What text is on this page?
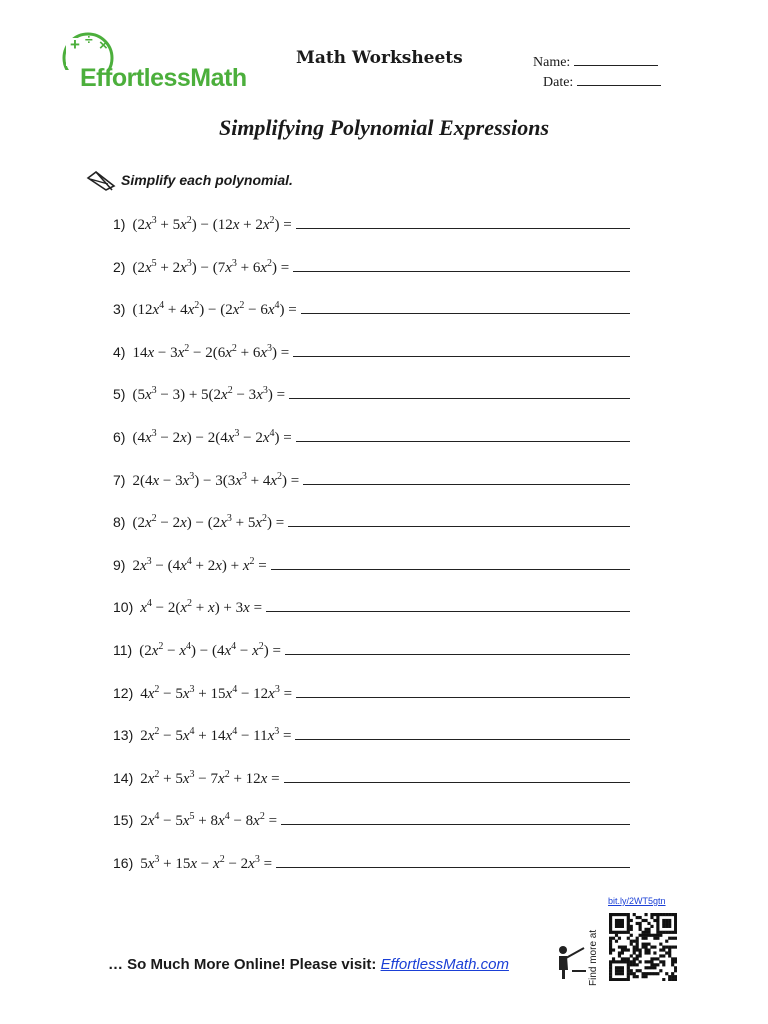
+ ÷ ×
EffortlessMath
Math Worksheets	Name:
Date:
Simplifying Polynomial Expressions
Simplify each polynomial.
1) $(2x^3 + 5x^2) - (12x + 2x^2)$ =
2) $(2x^5 + 2x^3) - (7x^3 + 6x^2)$ =
3) $(12x^4 + 4x^2) - (2x^2 - 6x^4)$ =
4) $14x - 3x^2 - 2(6x^2 + 6x^3)$ =
5) $(5x^3 - 3) + 5(2x^2 - 3x^3)$ =
6) $(4x^3 - 2x) - 2(4x^3 - 2x^4)$ =
7) $2(4x - 3x^3) - 3(3x^3 + 4x^2)$ =
8) $(2x^2 - 2x) - (2x^3 + 5x^2)$ =
9) $2x^3 - (4x^4 + 2x) + x^2$ =
10) $x^4 - 2(x^2 + x) + 3x$ =
11) $(2x^2 - x^4) - (4x^4 - x^2)$ =
12) $4x^2 - 5x^3 + 15x^4 - 12x^3$ =
13) $2x^2 - 5x^4 + 14x^4 - 11x^3$ =
14) $2x^2 + 5x^3 - 7x^2 + 12x$ =
15) $2x^4 - 5x^5 + 8x^4 - 8x^2$ =
16) $5x^3 + 15x - x^2 - 2x^3$ =
… So Much More Online! Please visit: EffortlessMath.com	Find more at
bit.ly/2WT5gtn
